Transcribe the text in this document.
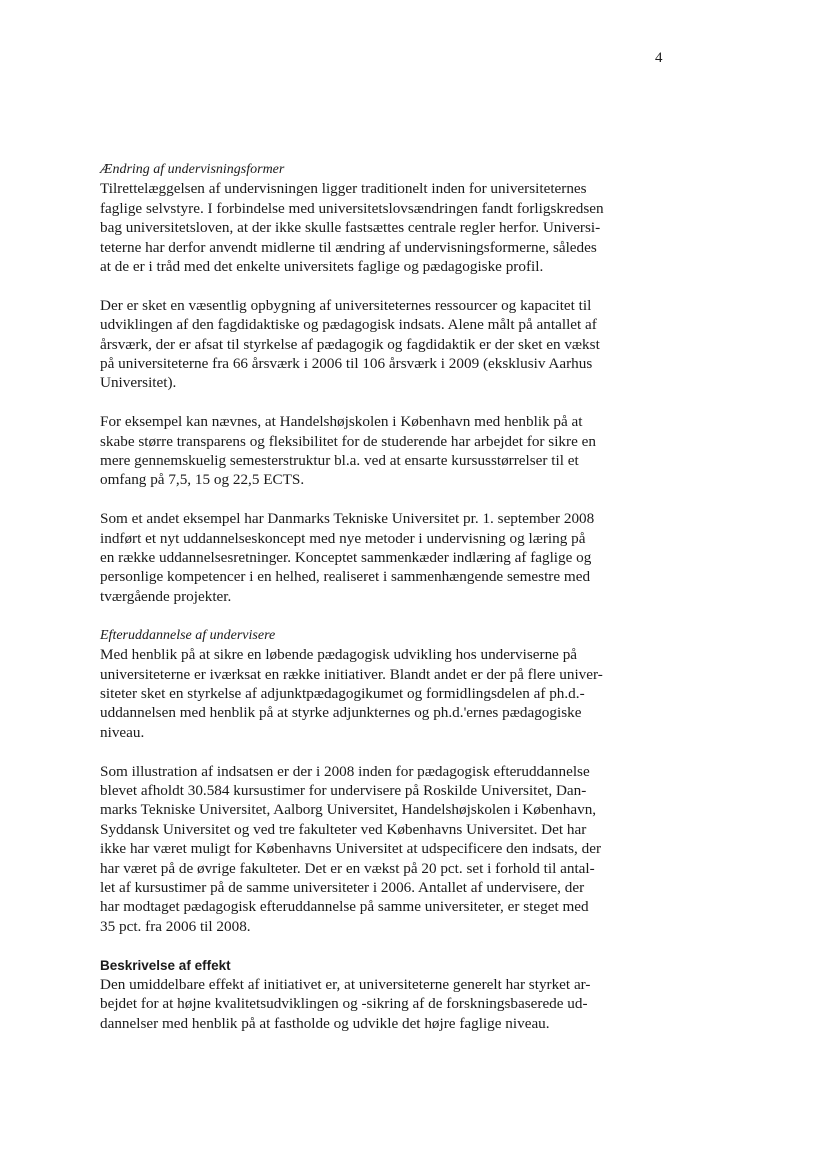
4
Ændring af undervisningsformer
Tilrettelæggelsen af undervisningen ligger traditionelt inden for universiteternes
faglige selvstyre. I forbindelse med universitetslovsændringen fandt forligskredsen
bag universitetsloven, at der ikke skulle fastsættes centrale regler herfor. Universi-
teterne har derfor anvendt midlerne til ændring af undervisningsformerne, således
at de er i tråd med det enkelte universitets faglige og pædagogiske profil.
Der er sket en væsentlig opbygning af universiteternes ressourcer og kapacitet til
udviklingen af den fagdidaktiske og pædagogisk indsats. Alene målt på antallet af
årsværk, der er afsat til styrkelse af pædagogik og fagdidaktik er der sket en vækst
på universiteterne fra 66 årsværk i 2006 til 106 årsværk i 2009 (eksklusiv Aarhus
Universitet).
For eksempel kan nævnes, at Handelshøjskolen i København med henblik på at
skabe større transparens og fleksibilitet for de studerende har arbejdet for sikre en
mere gennemskuelig semesterstruktur bl.a. ved at ensarte kursusstørrelser til et
omfang på 7,5, 15 og 22,5 ECTS.
Som et andet eksempel har Danmarks Tekniske Universitet pr. 1. september 2008
indført et nyt uddannelseskoncept med nye metoder i undervisning og læring på
en række uddannelsesretninger. Konceptet sammenkæder indlæring af faglige og
personlige kompetencer i en helhed, realiseret i sammenhængende semestre med
tværgående projekter.
Efteruddannelse af undervisere
Med henblik på at sikre en løbende pædagogisk udvikling hos underviserne på
universiteterne er iværksat en række initiativer. Blandt andet er der på flere univer-
siteter sket en styrkelse af adjunktpædagogikumet og formidlingsdelen af ph.d.-
uddannelsen med henblik på at styrke adjunkternes og ph.d.'ernes pædagogiske
niveau.
Som illustration af indsatsen er der i 2008 inden for pædagogisk efteruddannelse
blevet afholdt 30.584 kursustimer for undervisere på Roskilde Universitet, Dan-
marks Tekniske Universitet, Aalborg Universitet, Handelshøjskolen i København,
Syddansk Universitet og ved tre fakulteter ved Københavns Universitet. Det har
ikke har været muligt for Københavns Universitet at udspecificere den indsats, der
har været på de øvrige fakulteter. Det er en vækst på 20 pct. set i forhold til antal-
let af kursustimer på de samme universiteter i 2006. Antallet af undervisere, der
har modtaget pædagogisk efteruddannelse på samme universiteter, er steget med
35 pct. fra 2006 til 2008.
Beskrivelse af effekt
Den umiddelbare effekt af initiativet er, at universiteterne generelt har styrket ar-
bejdet for at højne kvalitetsudviklingen og -sikring af de forskningsbaserede ud-
dannelser med henblik på at fastholde og udvikle det højre faglige niveau.
